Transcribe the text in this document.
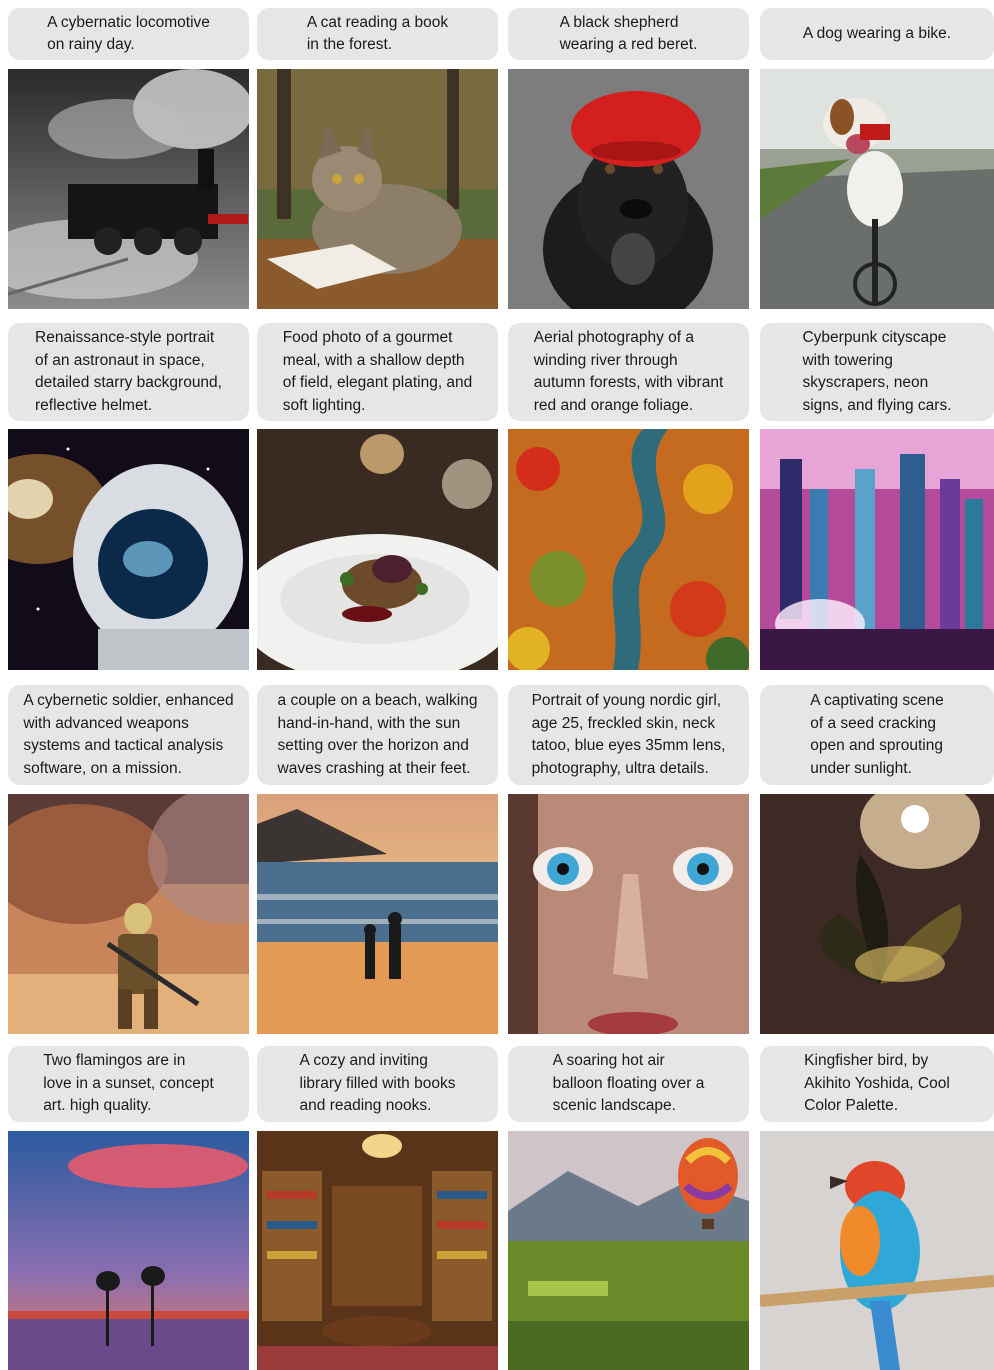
A cybernatic locomotive
on rainy day.
A cat reading a book
in the forest.
A black shepherd
wearing a red beret.
A dog wearing a bike.
Renaissance-style portrait
of an astronaut in space,
detailed starry background,
reflective helmet.
Food photo of a gourmet
meal, with a shallow depth
of field, elegant plating, and
soft lighting.
Aerial photography of a
winding river through
autumn forests, with vibrant
red and orange foliage.
Cyberpunk cityscape
with towering
skyscrapers, neon
signs, and flying cars.
A cybernetic soldier, enhanced
with advanced weapons
systems and tactical analysis
software, on a mission.
a couple on a beach, walking
hand-in-hand, with the sun
setting over the horizon and
waves crashing at their feet.
Portrait of young nordic girl,
age 25, freckled skin, neck
tatoo, blue eyes 35mm lens,
photography, ultra details.
A captivating scene
of a seed cracking
open and sprouting
under sunlight.
Two flamingos are in
love in a sunset, concept
art. high quality.
A cozy and inviting
library filled with books
and reading nooks.
A soaring hot air
balloon floating over a
scenic landscape.
Kingfisher bird, by
Akihito Yoshida, Cool
Color Palette.
